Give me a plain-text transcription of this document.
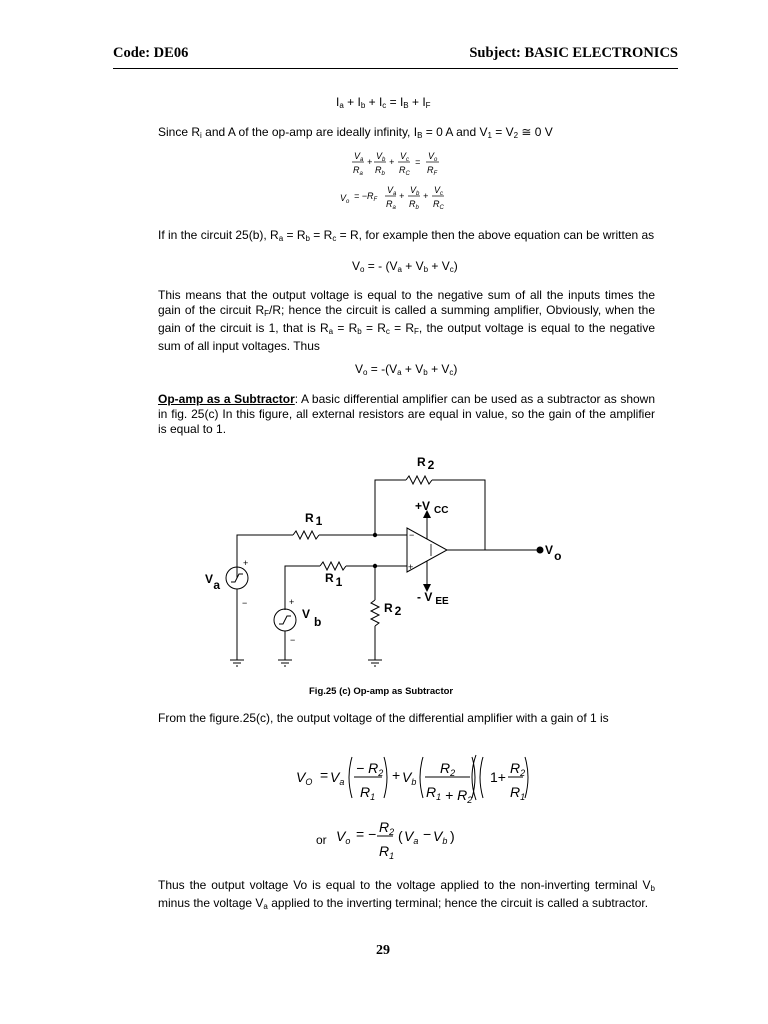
Code: DE06	Subject: BASIC ELECTRONICS
$I_a + I_b + I_c = I_B + I_F$
Since $R_i$ and A of the op-amp are ideally infinity, $I_B = 0$ A and $V_1 = V_2$ ≅ 0 V
$V_a$
$R_a$
+
$V_b$
$R_b$
+
$V_c$
$R_C$
=
$V_o$
$R_F$
$V_o$
= $-R_F$
$V_a$
$R_a$
+
$V_b$
$R_b$
+
$V_c$
$R_C$
If in the circuit 25(b), $R_a = R_b = R_c = R$, for example then the above equation can be written as
$V_o$ = - $(V_a + V_b + V_c)$
This means that the output voltage is equal to the negative sum of all the inputs times the gain of the circuit $R_F/R$; hence the circuit is called a summing amplifier, Obviously, when the gain of the circuit is 1, that is $R_a = R_b = R_c = R_F$, the output voltage is equal to the negative sum of all input voltages. Thus
$V_o = -(V_a + V_b + V_c)$
Op-amp as a Subtractor: A basic differential amplifier can be used as a subtractor as shown in fig. 25(c) In this figure, all external resistors are equal in value, so the gain of the amplifier is equal to 1.
R 2
+V $_{CC}$
R 1
R 1
R 2
- V $_{EE}$
Va
Vb
V o
+
−	+
−
−
+
Fig.25 (c) Op-amp as Subtractor
From the figure.25(c), the output voltage of the differential amplifier with a gain of 1 is
$V_O = V_a$
− $R_2$
$R_1$
+ $V_b$
$R_2$
$R_1 + R_2$
1+
$R_2$
$R_1$
or $V_o$ = − $R_2$
$R_1$
( $V_a - V_b$ )
Thus the output voltage Vo is equal to the voltage applied to the non-inverting terminal $V_b$ minus the voltage $V_a$ applied to the inverting terminal; hence the circuit is called a subtractor.
29
